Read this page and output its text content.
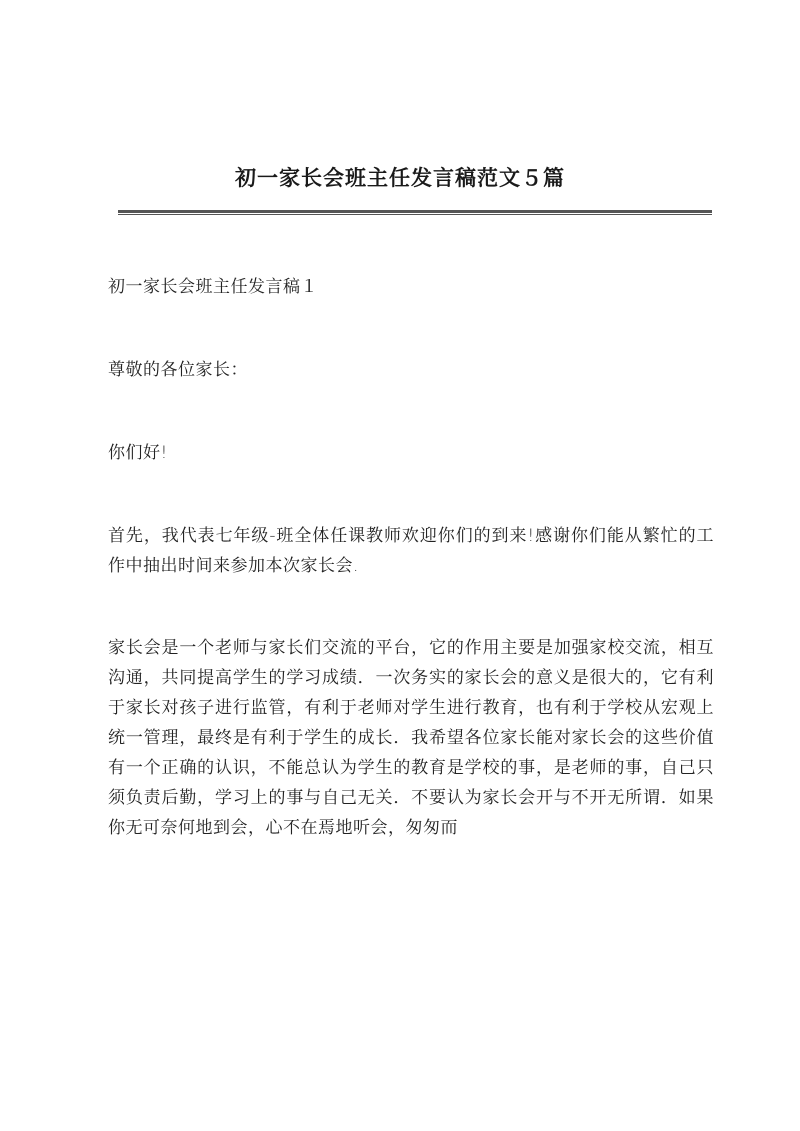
初一家长会班主任发言稿范文５篇

初一家长会班主任发言稿１

尊敬的各位家长：

你们好!

首先，我代表七年级-班全体任课教师欢迎你们的到来!感谢你们能从繁忙的工作中抽出时间来参加本次家长会.

家长会是一个老师与家长们交流的平台，它的作用主要是加强家校交流，相互沟通，共同提高学生的学习成绩．一次务实的家长会的意义是很大的，它有利于家长对孩子进行监管，有利于老师对学生进行教育，也有利于学校从宏观上统一管理，最终是有利于学生的成长．我希望各位家长能对家长会的这些价值有一个正确的认识，不能总认为学生的教育是学校的事，是老师的事，自己只须负责后勤，学习上的事与自己无关．不要认为家长会开与不开无所谓．如果你无可奈何地到会，心不在焉地听会，匆匆而
